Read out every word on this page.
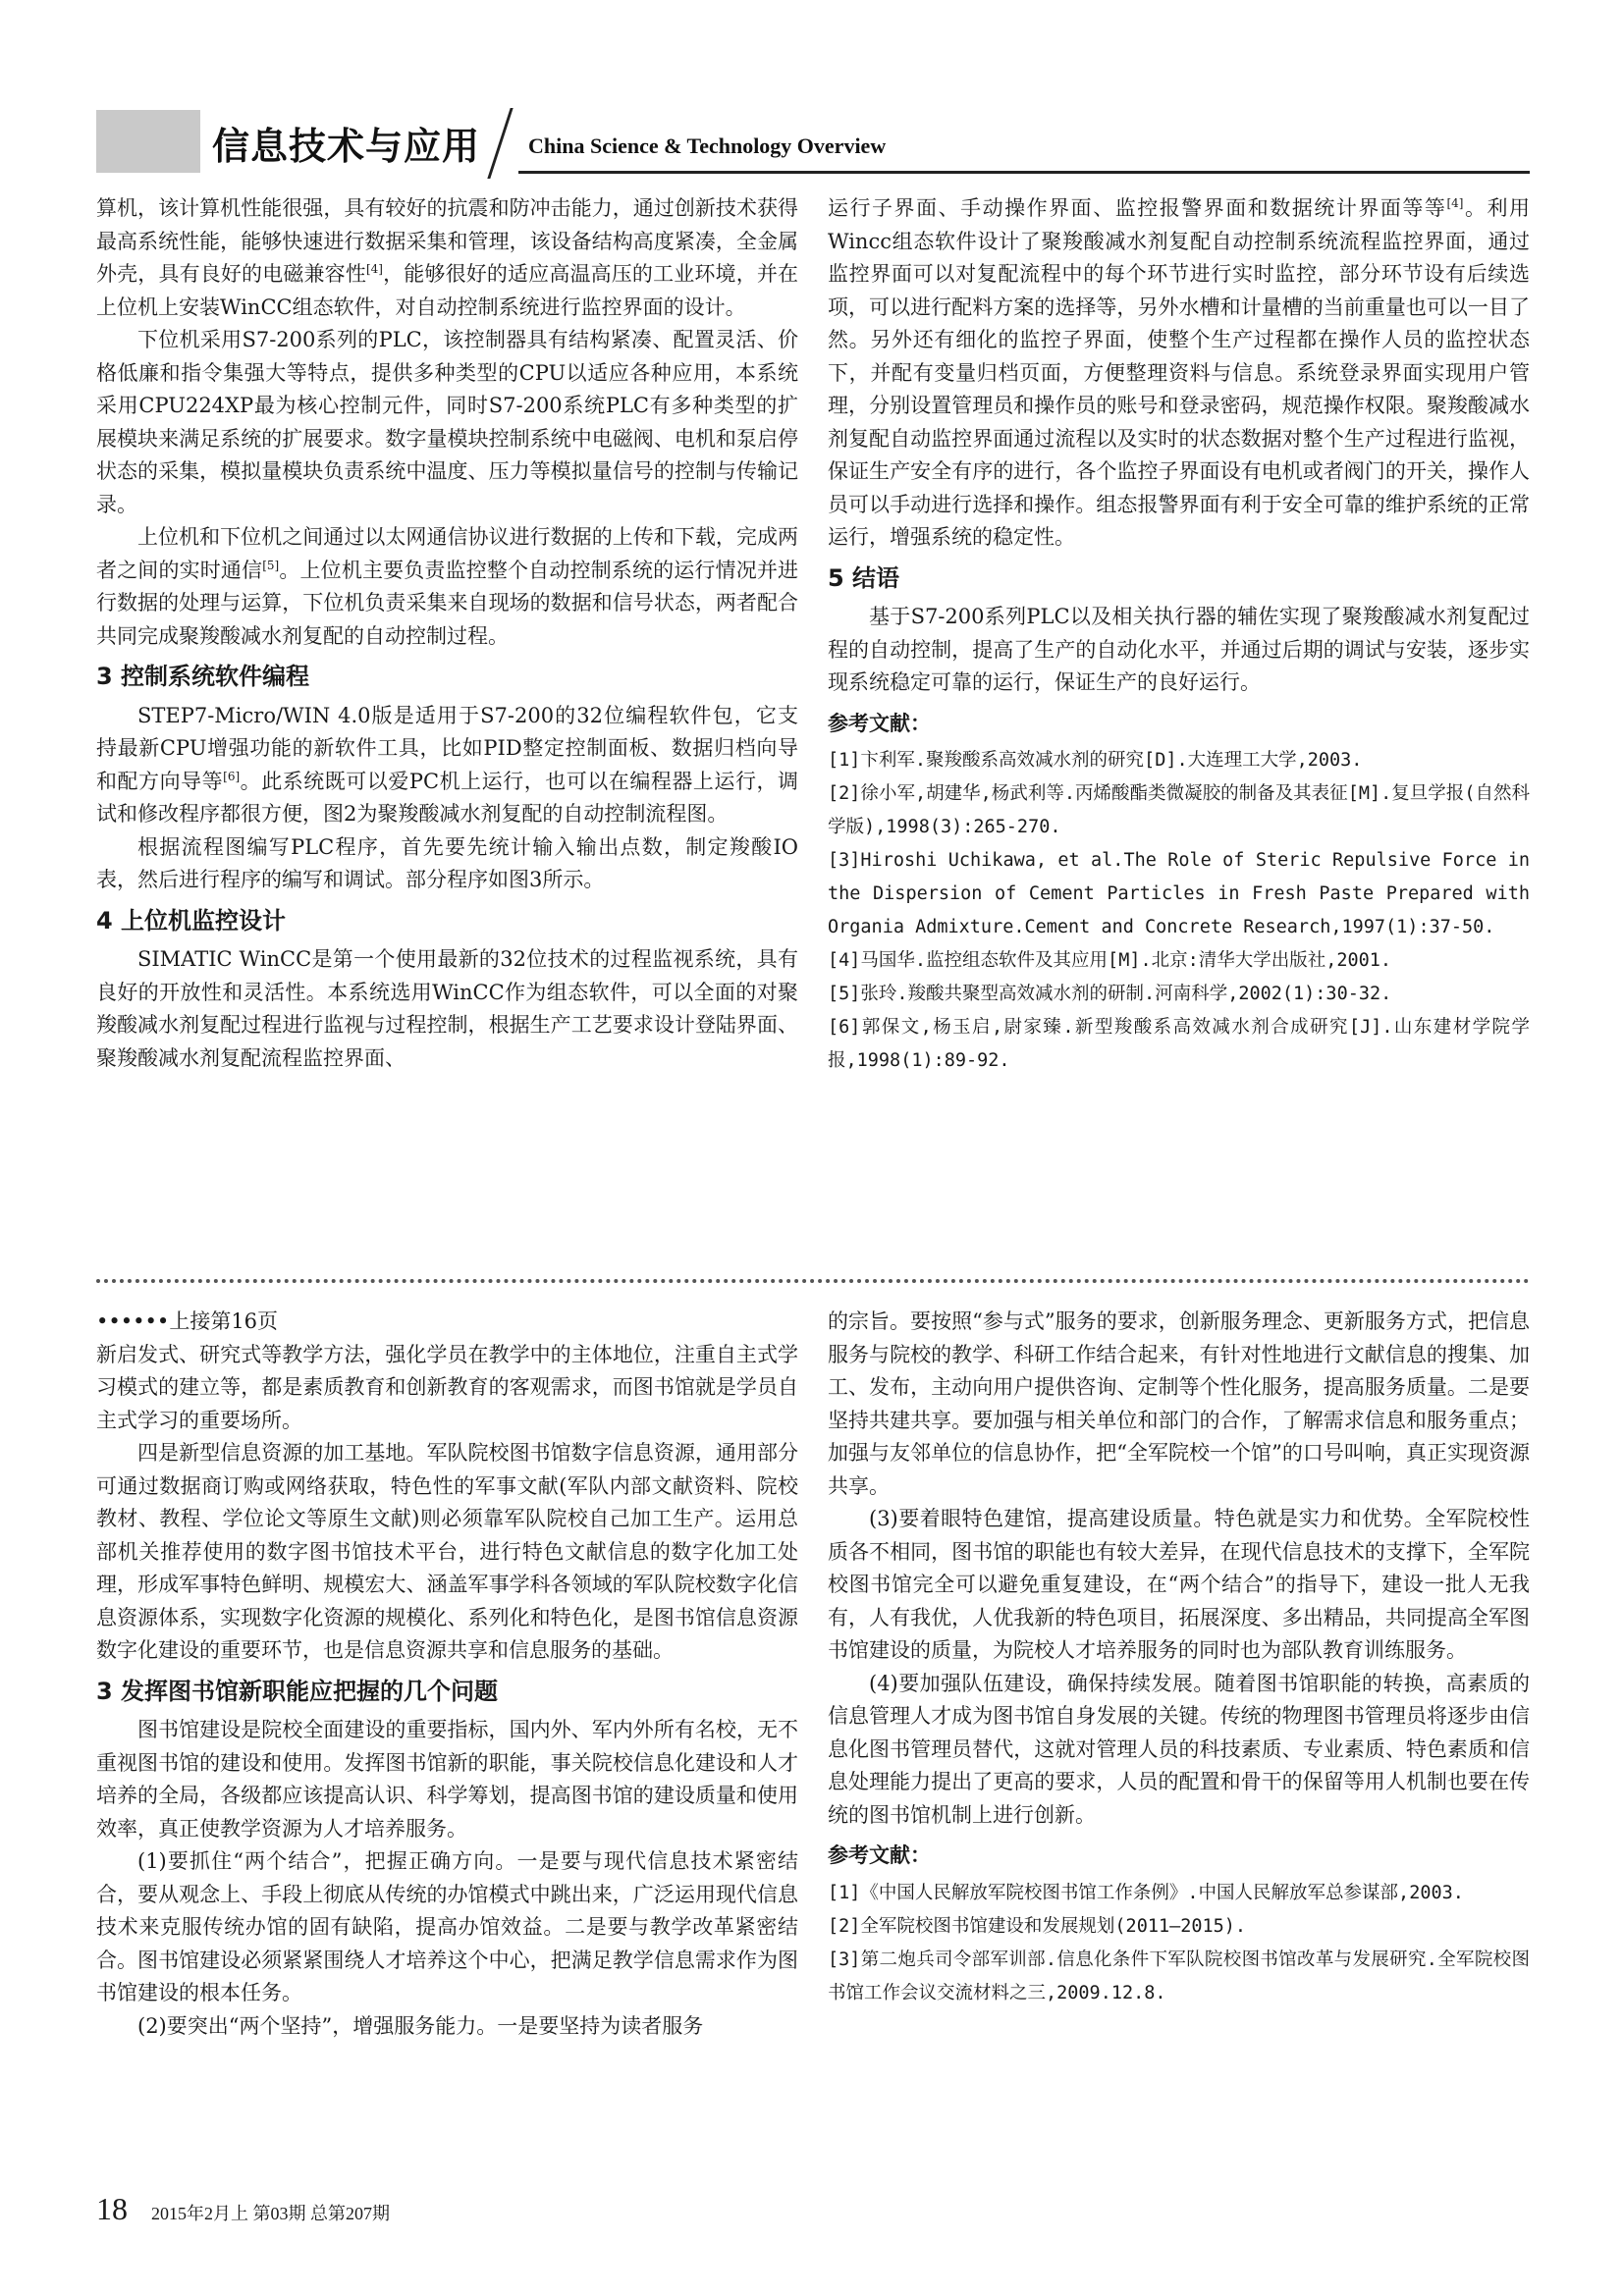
信息技术与应用 China Science & Technology Overview

算机，该计算机性能很强，具有较好的抗震和防冲击能力，通过创新技术获得最高系统性能，能够快速进行数据采集和管理，该设备结构高度紧凑，全金属外壳，具有良好的电磁兼容性[4]，能够很好的适应高温高压的工业环境，并在上位机上安装WinCC组态软件，对自动控制系统进行监控界面的设计。

下位机采用S7-200系列的PLC，该控制器具有结构紧凑、配置灵活、价格低廉和指令集强大等特点，提供多种类型的CPU以适应各种应用，本系统采用CPU224XP最为核心控制元件，同时S7-200系统PLC有多种类型的扩展模块来满足系统的扩展要求。数字量模块控制系统中电磁阀、电机和泵启停状态的采集，模拟量模块负责系统中温度、压力等模拟量信号的控制与传输记录。

上位机和下位机之间通过以太网通信协议进行数据的上传和下载，完成两者之间的实时通信[5]。上位机主要负责监控整个自动控制系统的运行情况并进行数据的处理与运算，下位机负责采集来自现场的数据和信号状态，两者配合共同完成聚羧酸减水剂复配的自动控制过程。

3 控制系统软件编程

STEP7-Micro/WIN 4.0版是适用于S7-200的32位编程软件包，它支持最新CPU增强功能的新软件工具，比如PID整定控制面板、数据归档向导和配方向导等[6]。此系统既可以爱PC机上运行，也可以在编程器上运行，调试和修改程序都很方便，图2为聚羧酸减水剂复配的自动控制流程图。

根据流程图编写PLC程序，首先要先统计输入输出点数，制定羧酸IO表，然后进行程序的编写和调试。部分程序如图3所示。

4 上位机监控设计

SIMATIC WinCC是第一个使用最新的32位技术的过程监视系统，具有良好的开放性和灵活性。本系统选用WinCC作为组态软件，可以全面的对聚羧酸减水剂复配过程进行监视与过程控制，根据生产工艺要求设计登陆界面、聚羧酸减水剂复配流程监控界面、

运行子界面、手动操作界面、监控报警界面和数据统计界面等等[4]。利用Wincc组态软件设计了聚羧酸减水剂复配自动控制系统流程监控界面，通过监控界面可以对复配流程中的每个环节进行实时监控，部分环节设有后续选项，可以进行配料方案的选择等，另外水槽和计量槽的当前重量也可以一目了然。另外还有细化的监控子界面，使整个生产过程都在操作人员的监控状态下，并配有变量归档页面，方便整理资料与信息。系统登录界面实现用户管理，分别设置管理员和操作员的账号和登录密码，规范操作权限。聚羧酸减水剂复配自动监控界面通过流程以及实时的状态数据对整个生产过程进行监视，保证生产安全有序的进行，各个监控子界面设有电机或者阀门的开关，操作人员可以手动进行选择和操作。组态报警界面有利于安全可靠的维护系统的正常运行，增强系统的稳定性。

5 结语

基于S7-200系列PLC以及相关执行器的辅佐实现了聚羧酸减水剂复配过程的自动控制，提高了生产的自动化水平，并通过后期的调试与安装，逐步实现系统稳定可靠的运行，保证生产的良好运行。

参考文献：
[1]卞利军.聚羧酸系高效减水剂的研究[D].大连理工大学,2003.
[2]徐小军,胡建华,杨武利等.丙烯酸酯类微凝胶的制备及其表征[M].复旦学报(自然科学版),1998(3):265-270.
[3]Hiroshi Uchikawa, et al.The Role of Steric Repulsive Force in the Dispersion of Cement Particles in Fresh Paste Prepared with Organia Admixture.Cement and Concrete Research,1997(1):37-50.
[4]马国华.监控组态软件及其应用[M].北京:清华大学出版社,2001.
[5]张玲.羧酸共聚型高效减水剂的研制.河南科学,2002(1):30-32.
[6]郭保文,杨玉启,尉家臻.新型羧酸系高效减水剂合成研究[J].山东建材学院学报,1998(1):89-92.

••••••上接第16页

新启发式、研究式等教学方法，强化学员在教学中的主体地位，注重自主式学习模式的建立等，都是素质教育和创新教育的客观需求，而图书馆就是学员自主式学习的重要场所。

四是新型信息资源的加工基地。军队院校图书馆数字信息资源，通用部分可通过数据商订购或网络获取，特色性的军事文献(军队内部文献资料、院校教材、教程、学位论文等原生文献)则必须靠军队院校自己加工生产。运用总部机关推荐使用的数字图书馆技术平台，进行特色文献信息的数字化加工处理，形成军事特色鲜明、规模宏大、涵盖军事学科各领域的军队院校数字化信息资源体系，实现数字化资源的规模化、系列化和特色化，是图书馆信息资源数字化建设的重要环节，也是信息资源共享和信息服务的基础。

3 发挥图书馆新职能应把握的几个问题

图书馆建设是院校全面建设的重要指标，国内外、军内外所有名校，无不重视图书馆的建设和使用。发挥图书馆新的职能，事关院校信息化建设和人才培养的全局，各级都应该提高认识、科学筹划，提高图书馆的建设质量和使用效率，真正使教学资源为人才培养服务。

(1)要抓住“两个结合”，把握正确方向。一是要与现代信息技术紧密结合，要从观念上、手段上彻底从传统的办馆模式中跳出来，广泛运用现代信息技术来克服传统办馆的固有缺陷，提高办馆效益。二是要与教学改革紧密结合。图书馆建设必须紧紧围绕人才培养这个中心，把满足教学信息需求作为图书馆建设的根本任务。

(2)要突出“两个坚持”，增强服务能力。一是要坚持为读者服务

的宗旨。要按照“参与式”服务的要求，创新服务理念、更新服务方式，把信息服务与院校的教学、科研工作结合起来，有针对性地进行文献信息的搜集、加工、发布，主动向用户提供咨询、定制等个性化服务，提高服务质量。二是要坚持共建共享。要加强与相关单位和部门的合作，了解需求信息和服务重点；加强与友邻单位的信息协作，把“全军院校一个馆”的口号叫响，真正实现资源共享。

(3)要着眼特色建馆，提高建设质量。特色就是实力和优势。全军院校性质各不相同，图书馆的职能也有较大差异，在现代信息技术的支撑下，全军院校图书馆完全可以避免重复建设，在“两个结合”的指导下，建设一批人无我有，人有我优，人优我新的特色项目，拓展深度、多出精品，共同提高全军图书馆建设的质量，为院校人才培养服务的同时也为部队教育训练服务。

(4)要加强队伍建设，确保持续发展。随着图书馆职能的转换，高素质的信息管理人才成为图书馆自身发展的关键。传统的物理图书管理员将逐步由信息化图书管理员替代，这就对管理人员的科技素质、专业素质、特色素质和信息处理能力提出了更高的要求，人员的配置和骨干的保留等用人机制也要在传统的图书馆机制上进行创新。

参考文献：
[1]《中国人民解放军院校图书馆工作条例》.中国人民解放军总参谋部,2003.
[2]全军院校图书馆建设和发展规划(2011—2015).
[3]第二炮兵司令部军训部.信息化条件下军队院校图书馆改革与发展研究.全军院校图书馆工作会议交流材料之三,2009.12.8.
18 2015年2月上 第03期 总第207期
